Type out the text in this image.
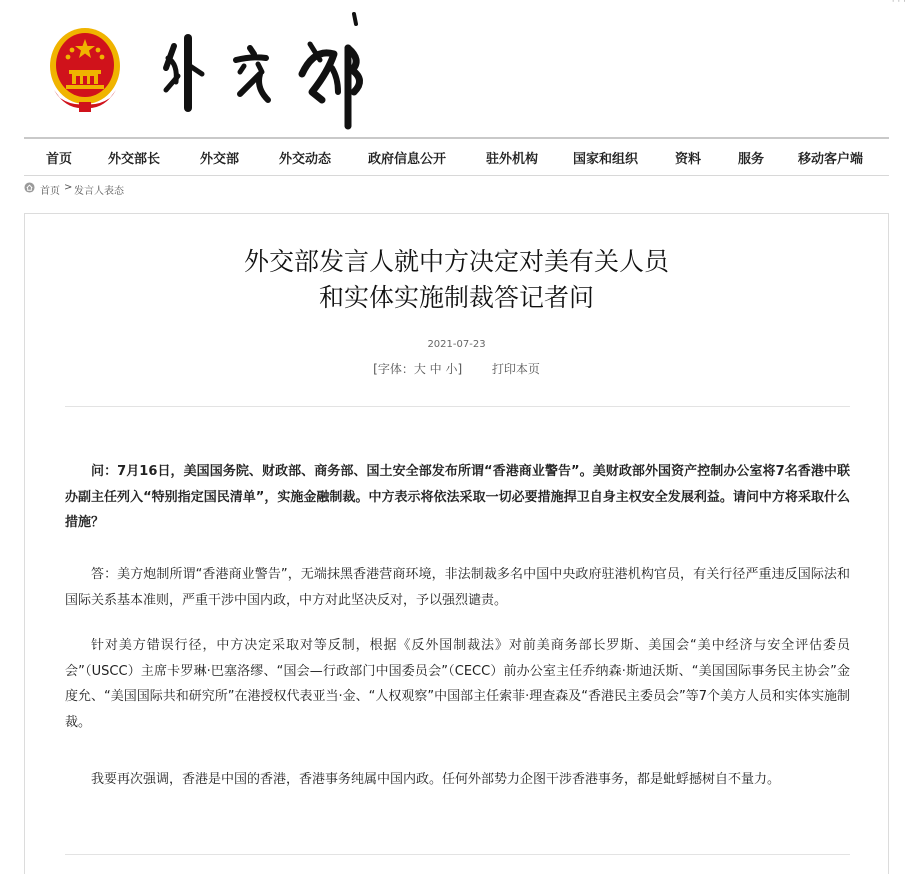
· · ·
外交部
首页	外交部长	外交部	外交动态	政府信息公开	驻外机构	国家和组织	资料	服务	移动客户端
首页 > 发言人表态
外交部发言人就中方决定对美有关人员
和实体实施制裁答记者问
2021-07-23
[字体：大 中 小] 打印本页

问：7月16日，美国国务院、财政部、商务部、国土安全部发布所谓“香港商业警告”。美财政部外国资产控制办公室将7名香港中联办副主任列入“特别指定国民清单”，实施金融制裁。中方表示将依法采取一切必要措施捍卫自身主权安全发展利益。请问中方将采取什么措施？

答：美方炮制所谓“香港商业警告”，无端抹黑香港营商环境，非法制裁多名中国中央政府驻港机构官员，有关行径严重违反国际法和国际关系基本准则，严重干涉中国内政，中方对此坚决反对，予以强烈谴责。

针对美方错误行径，中方决定采取对等反制，根据《反外国制裁法》对前美商务部长罗斯、美国会“美中经济与安全评估委员会”（USCC）主席卡罗琳·巴塞洛缪、“国会—行政部门中国委员会”（CECC）前办公室主任乔纳森·斯迪沃斯、“美国国际事务民主协会”金度允、“美国国际共和研究所”在港授权代表亚当·金、“人权观察”中国部主任索菲·理查森及“香港民主委员会”等7个美方人员和实体实施制裁。

我要再次强调，香港是中国的香港，香港事务纯属中国内政。任何外部势力企图干涉香港事务，都是蚍蜉撼树自不量力。
